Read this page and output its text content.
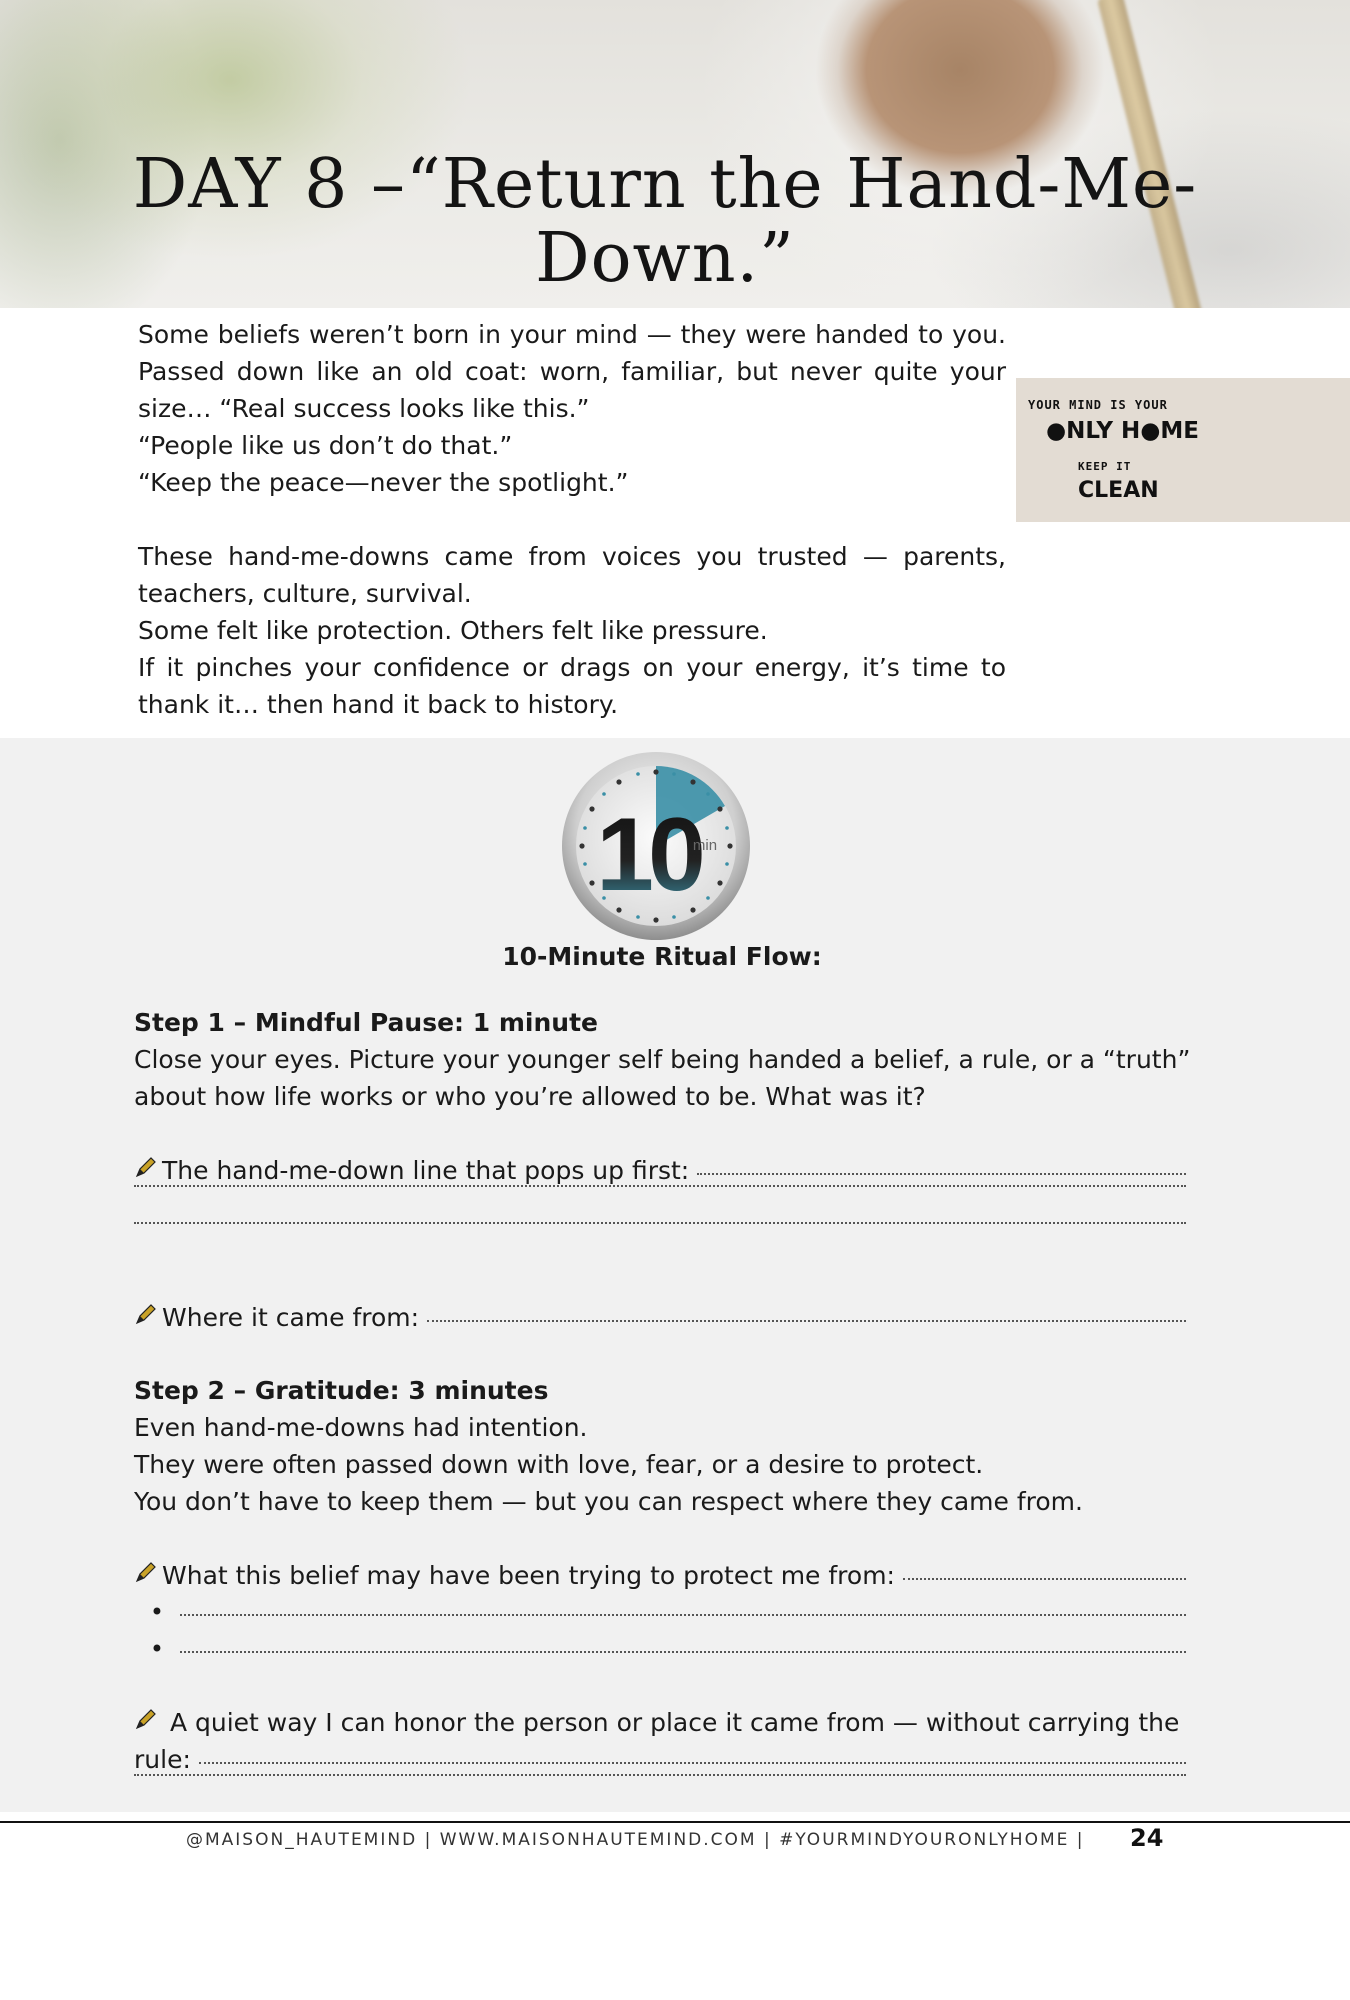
DAY 8 –“Return the Hand-Me-
Down.”

Some beliefs weren’t born in your mind — they were handed to you. Passed down like an old coat: worn, familiar, but never quite your size… “Real success looks like this.”

“People like us don’t do that.”

“Keep the peace—never the spotlight.”

These hand-me-downs came from voices you trusted — parents, teachers, culture, survival.

Some felt like protection. Others felt like pressure.

If it pinches your confidence or drags on your energy, it’s time to thank it… then hand it back to history.

YOUR MIND IS YOUR
●NLY H●ME
KEEP IT
CLEAN
10
min
10-Minute Ritual Flow:
Step 1 – Mindful Pause: 1 minute
Close your eyes. Picture your younger self being handed a belief, a rule, or a “truth”
about how life works or who you’re allowed to be. What was it?
The hand-me-down line that pops up first:
Where it came from:
Step 2 – Gratitude: 3 minutes
Even hand-me-downs had intention.
They were often passed down with love, fear, or a desire to protect.
You don’t have to keep them — but you can respect where they came from.
What this belief may have been trying to protect me from:
•
•
A quiet way I can honor the person or place it came from — without carrying the
rule:
@MAISON_HAUTEMIND | WWW.MAISONHAUTEMIND.COM | #YOURMINDYOURONLYHOME | 24
